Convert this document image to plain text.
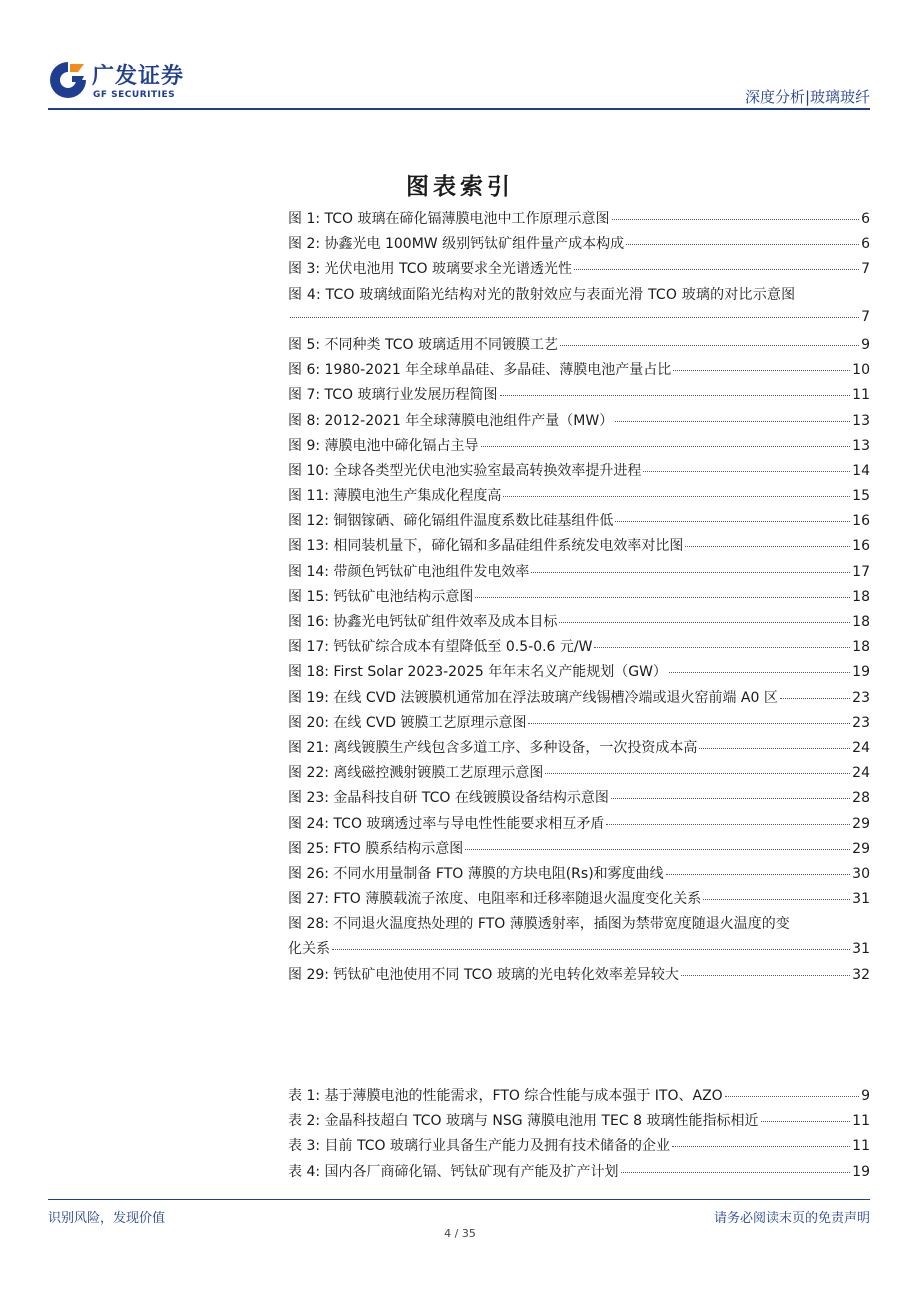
广发证券
GF SECURITIES	深度分析|玻璃玻纤
图表索引
图 1: TCO 玻璃在碲化镉薄膜电池中工作原理示意图	6
图 2: 协鑫光电 100MW 级别钙钛矿组件量产成本构成	6
图 3: 光伏电池用 TCO 玻璃要求全光谱透光性	7
图 4: TCO 玻璃绒面陷光结构对光的散射效应与表面光滑 TCO 玻璃的对比示意图
7
图 5: 不同种类 TCO 玻璃适用不同镀膜工艺	9
图 6: 1980-2021 年全球单晶硅、多晶硅、薄膜电池产量占比	10
图 7: TCO 玻璃行业发展历程简图	11
图 8: 2012-2021 年全球薄膜电池组件产量（MW）	13
图 9: 薄膜电池中碲化镉占主导	13
图 10: 全球各类型光伏电池实验室最高转换效率提升进程	14
图 11: 薄膜电池生产集成化程度高	15
图 12: 铜铟镓硒、碲化镉组件温度系数比硅基组件低	16
图 13: 相同装机量下，碲化镉和多晶硅组件系统发电效率对比图	16
图 14: 带颜色钙钛矿电池组件发电效率	17
图 15: 钙钛矿电池结构示意图	18
图 16: 协鑫光电钙钛矿组件效率及成本目标	18
图 17: 钙钛矿综合成本有望降低至 0.5-0.6 元/W	18
图 18: First Solar 2023-2025 年年末名义产能规划（GW）	19
图 19: 在线 CVD 法镀膜机通常加在浮法玻璃产线锡槽冷端或退火窑前端 A0 区	23
图 20: 在线 CVD 镀膜工艺原理示意图	23
图 21: 离线镀膜生产线包含多道工序、多种设备，一次投资成本高	24
图 22: 离线磁控溅射镀膜工艺原理示意图	24
图 23: 金晶科技自研 TCO 在线镀膜设备结构示意图	28
图 24: TCO 玻璃透过率与导电性性能要求相互矛盾	29
图 25: FTO 膜系结构示意图	29
图 26: 不同水用量制备 FTO 薄膜的方块电阻(Rs)和雾度曲线	30
图 27: FTO 薄膜载流子浓度、电阻率和迁移率随退火温度变化关系	31
图 28: 不同退火温度热处理的 FTO 薄膜透射率，插图为禁带宽度随退火温度的变
化关系	31
图 29: 钙钛矿电池使用不同 TCO 玻璃的光电转化效率差异较大	32
表 1: 基于薄膜电池的性能需求，FTO 综合性能与成本强于 ITO、AZO	9
表 2: 金晶科技超白 TCO 玻璃与 NSG 薄膜电池用 TEC 8 玻璃性能指标相近	11
表 3: 目前 TCO 玻璃行业具备生产能力及拥有技术储备的企业	11
表 4: 国内各厂商碲化镉、钙钛矿现有产能及扩产计划	19
识别风险，发现价值	请务必阅读末页的免责声明
4 / 35
